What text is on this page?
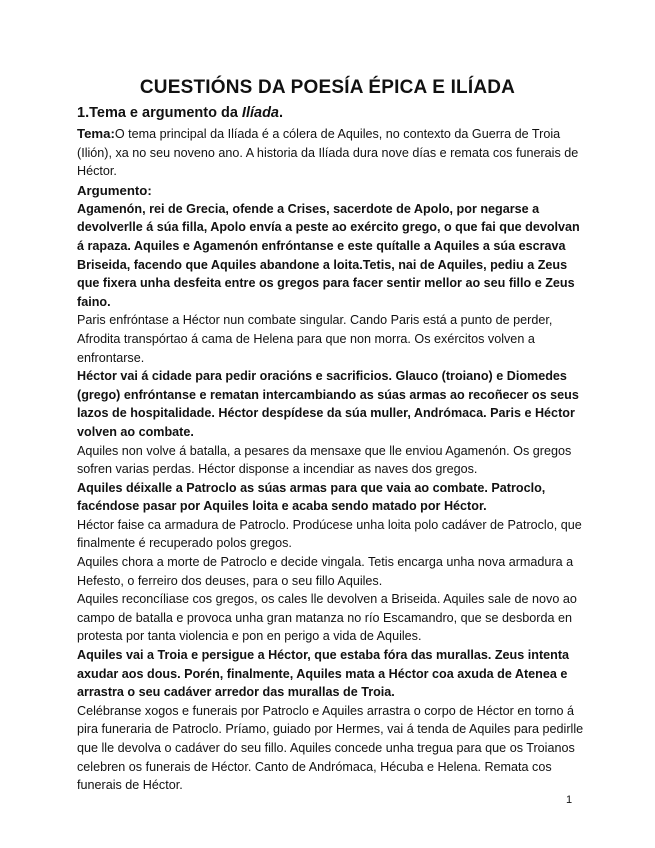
CUESTIÓNS DA POESÍA ÉPICA E ILÍADA
1.Tema e argumento da Ilíada.

Tema:O tema principal da Ilíada é a cólera de Aquiles, no contexto da Guerra de Troia (Ilión), xa no seu noveno ano. A historia da Ilíada dura nove días e remata cos funerais de Héctor.

Argumento:

Agamenón, rei de Grecia, ofende a Crises, sacerdote de Apolo, por negarse a devolverlle á súa filla, Apolo envía a peste ao exército grego, o que fai que devolvan á rapaza. Aquiles e Agamenón enfróntanse e este quítalle a Aquiles a súa escrava Briseida, facendo que Aquiles abandone a loita.Tetis, nai de Aquiles, pediu a Zeus que fixera unha desfeita entre os gregos para facer sentir mellor ao seu fillo e Zeus faino.

Paris enfróntase a Héctor nun combate singular. Cando Paris está a punto de perder, Afrodita transpórtao á cama de Helena para que non morra. Os exércitos volven a enfrontarse.

Héctor vai á cidade para pedir oracións e sacrificios. Glauco (troiano) e Diomedes (grego) enfróntanse e rematan intercambiando as súas armas ao recoñecer os seus lazos de hospitalidade. Héctor despídese da súa muller, Andrómaca. Paris e Héctor volven ao combate.

Aquiles non volve á batalla, a pesares da mensaxe que lle enviou Agamenón. Os gregos sofren varias perdas. Héctor disponse a incendiar as naves dos gregos.

Aquiles déixalle a Patroclo as súas armas para que vaia ao combate. Patroclo, facéndose pasar por Aquiles loita e acaba sendo matado por Héctor.

Héctor faise ca armadura de Patroclo. Prodúcese unha loita polo cadáver de Patroclo, que finalmente é recuperado polos gregos.

Aquiles chora a morte de Patroclo e decide vingala. Tetis encarga unha nova armadura a Hefesto, o ferreiro dos deuses, para o seu fillo Aquiles.

Aquiles reconcíliase cos gregos, os cales lle devolven a Briseida. Aquiles sale de novo ao campo de batalla e provoca unha gran matanza no río Escamandro, que se desborda en protesta por tanta violencia e pon en perigo a vida de Aquiles.

Aquiles vai a Troia e persigue a Héctor, que estaba fóra das murallas. Zeus intenta axudar aos dous. Porén, finalmente, Aquiles mata a Héctor coa axuda de Atenea e arrastra o seu cadáver arredor das murallas de Troia.

Celébranse xogos e funerais por Patroclo e Aquiles arrastra o corpo de Héctor en torno á pira funeraria de Patroclo. Príamo, guiado por Hermes, vai á tenda de Aquiles para pedirlle que lle devolva o cadáver do seu fillo. Aquiles concede unha tregua para que os Troianos celebren os funerais de Héctor. Canto de Andrómaca, Hécuba e Helena. Remata cos funerais de Héctor.

1
